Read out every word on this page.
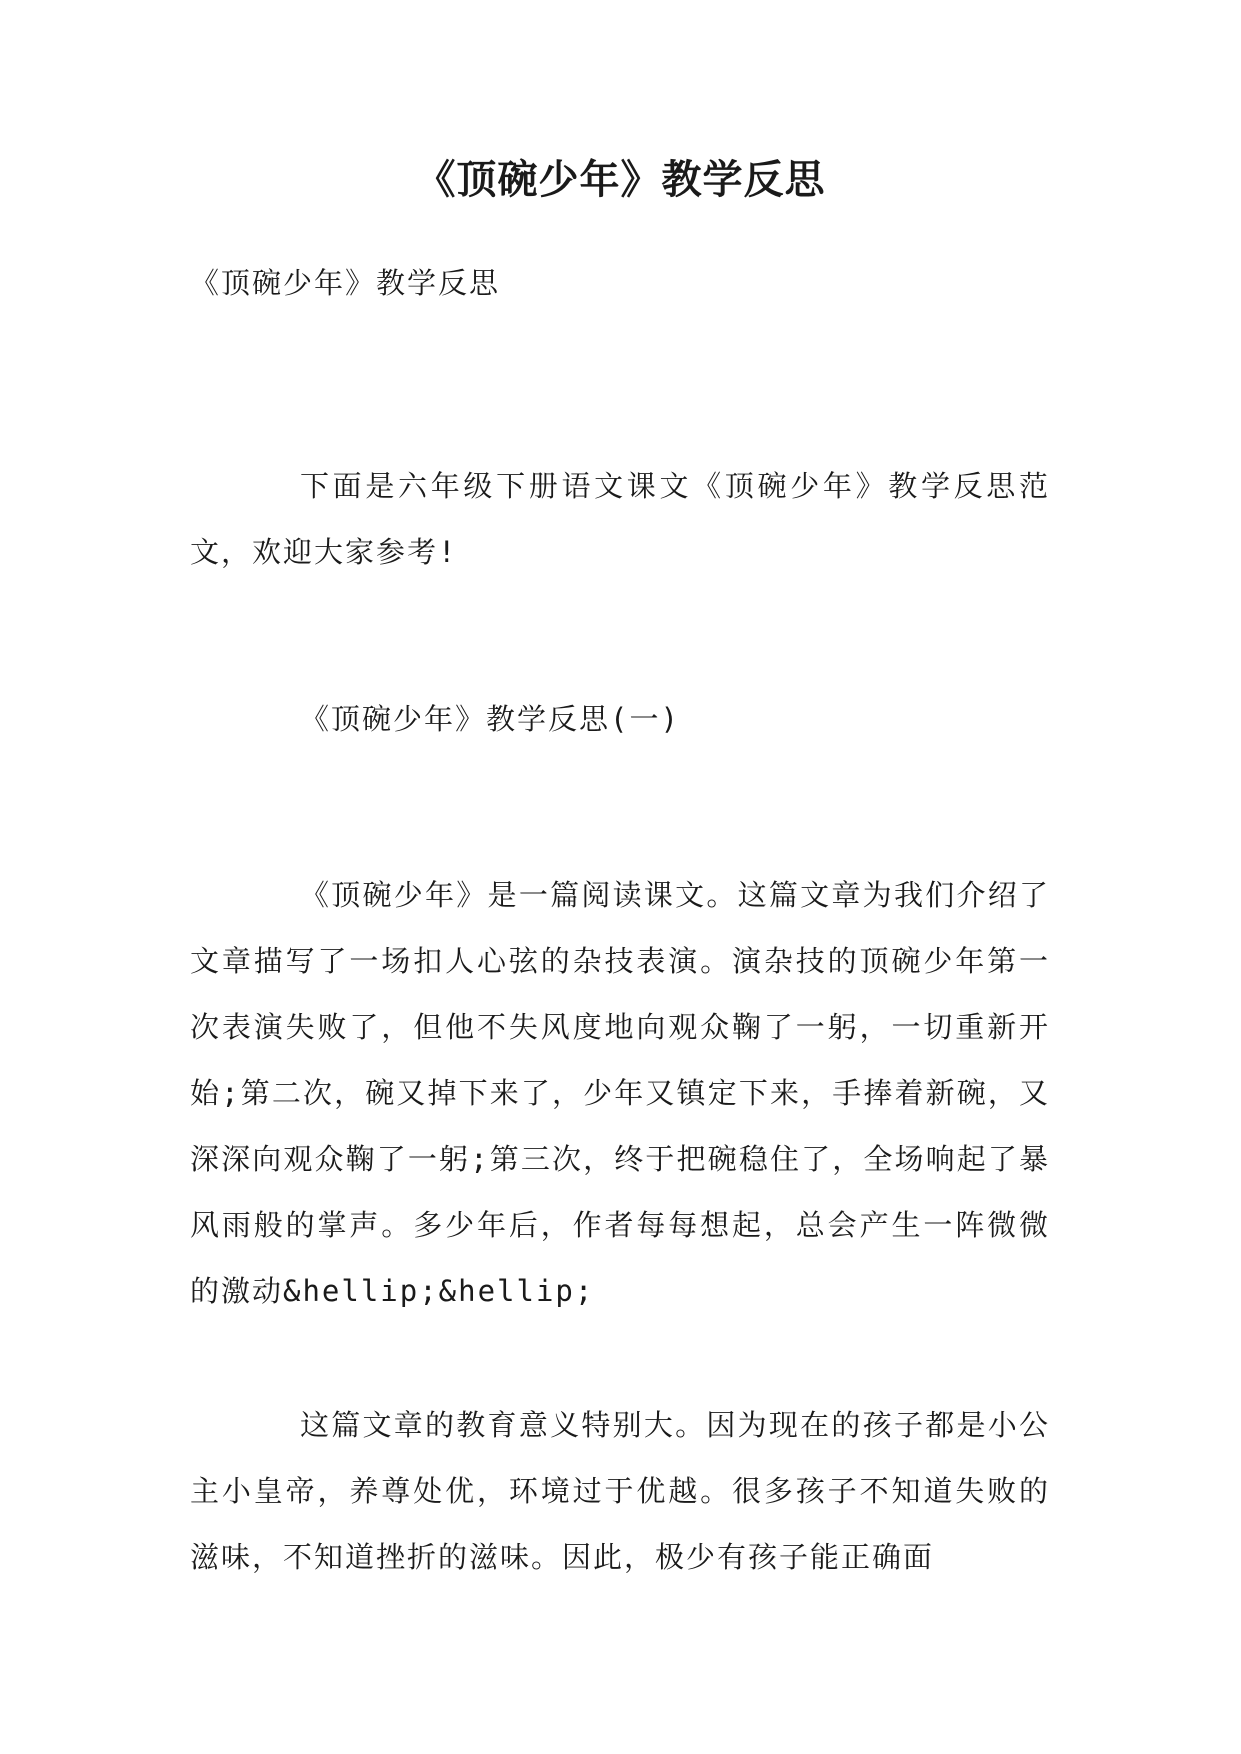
《顶碗少年》教学反思

《顶碗少年》教学反思

下面是六年级下册语文课文《顶碗少年》教学反思范文，欢迎大家参考!

《顶碗少年》教学反思(一)

《顶碗少年》是一篇阅读课文。这篇文章为我们介绍了文章描写了一场扣人心弦的杂技表演。演杂技的顶碗少年第一次表演失败了，但他不失风度地向观众鞠了一躬，一切重新开始;第二次，碗又掉下来了，少年又镇定下来，手捧着新碗，又深深向观众鞠了一躬;第三次，终于把碗稳住了，全场响起了暴风雨般的掌声。多少年后，作者每每想起，总会产生一阵微微的激动&hellip;&hellip;

这篇文章的教育意义特别大。因为现在的孩子都是小公主小皇帝，养尊处优，环境过于优越。很多孩子不知道失败的滋味，不知道挫折的滋味。因此，极少有孩子能正确面
